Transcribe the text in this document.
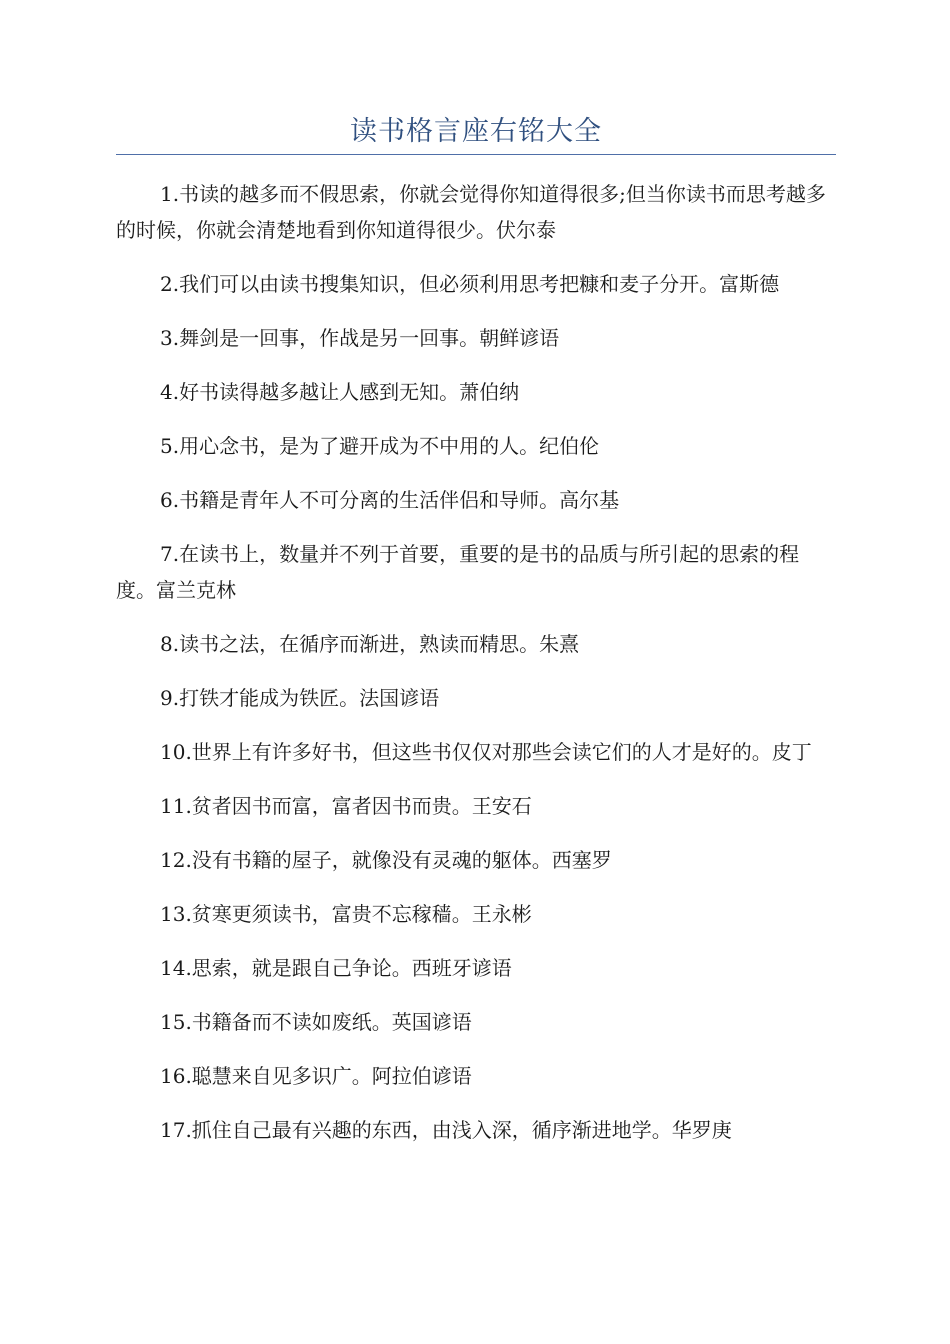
读书格言座右铭大全

1.书读的越多而不假思索，你就会觉得你知道得很多;但当你读书而思考越多的时候，你就会清楚地看到你知道得很少。伏尔泰

2.我们可以由读书搜集知识，但必须利用思考把糠和麦子分开。富斯德

3.舞剑是一回事，作战是另一回事。朝鲜谚语

4.好书读得越多越让人感到无知。萧伯纳

5.用心念书，是为了避开成为不中用的人。纪伯伦

6.书籍是青年人不可分离的生活伴侣和导师。高尔基

7.在读书上，数量并不列于首要，重要的是书的品质与所引起的思索的程度。富兰克林

8.读书之法，在循序而渐进，熟读而精思。朱熹

9.打铁才能成为铁匠。法国谚语

10.世界上有许多好书，但这些书仅仅对那些会读它们的人才是好的。皮丁

11.贫者因书而富，富者因书而贵。王安石

12.没有书籍的屋子，就像没有灵魂的躯体。西塞罗

13.贫寒更须读书，富贵不忘稼穑。王永彬

14.思索，就是跟自己争论。西班牙谚语

15.书籍备而不读如废纸。英国谚语

16.聪慧来自见多识广。阿拉伯谚语

17.抓住自己最有兴趣的东西，由浅入深，循序渐进地学。华罗庚
